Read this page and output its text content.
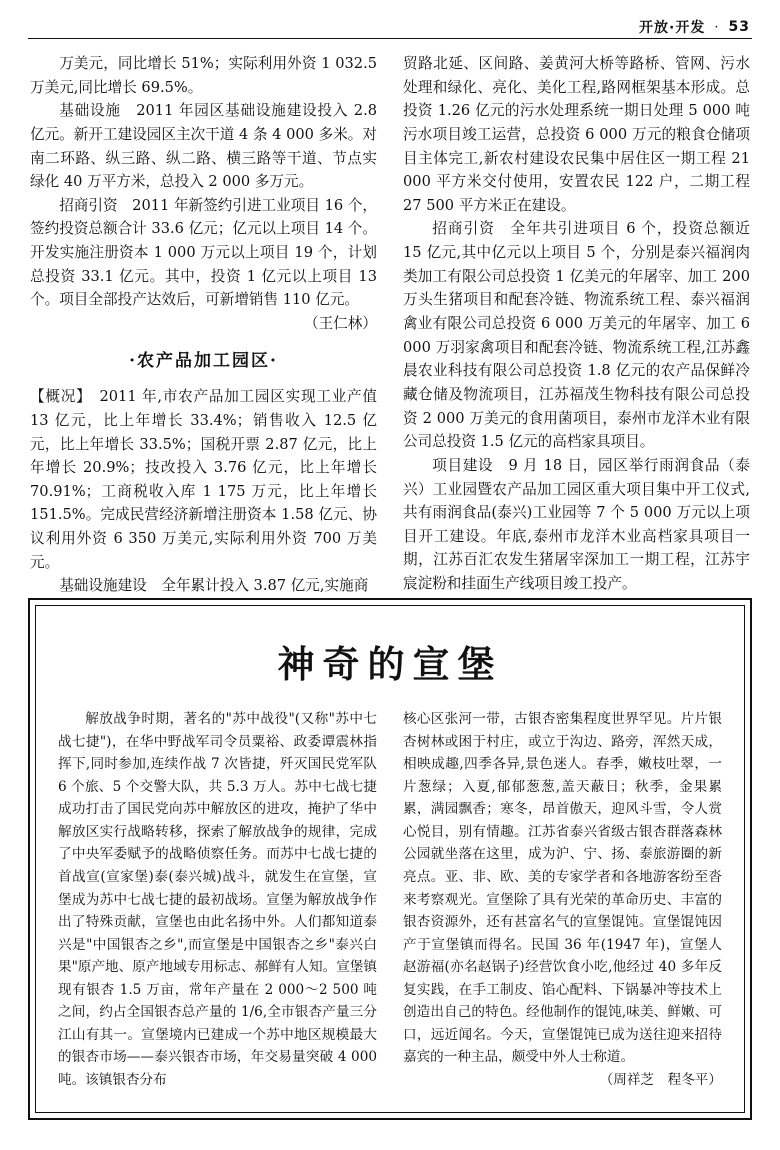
开放·开发 · 53

万美元，同比增长 51%；实际利用外资 1 032.5 万美元,同比增长 69.5%。

基础设施　2011 年园区基础设施建设投入 2.8 亿元。新开工建设园区主次干道 4 条 4 000 多米。对南二环路、纵三路、纵二路、横三路等干道、节点实绿化 40 万平方米，总投入 2 000 多万元。

招商引资　2011 年新签约引进工业项目 16 个，签约投资总额合计 33.6 亿元；亿元以上项目 14 个。开发实施注册资本 1 000 万元以上项目 19 个，计划总投资 33.1 亿元。其中，投资 1 亿元以上项目 13 个。项目全部投产达效后，可新增销售 110 亿元。

（王仁林）

·农产品加工园区·

【概况】　2011 年,市农产品加工园区实现工业产值 13 亿元，比上年增长 33.4%；销售收入 12.5 亿元，比上年增长 33.5%；国税开票 2.87 亿元，比上年增长 20.9%；技改投入 3.76 亿元，比上年增长 70.91%；工商税收入库 1 175 万元，比上年增长 151.5%。完成民营经济新增注册资本 1.58 亿元、协议利用外资 6 350 万美元,实际利用外资 700 万美元。

基础设施建设　全年累计投入 3.87 亿元,实施商

贸路北延、区间路、姜黄河大桥等路桥、管网、污水处理和绿化、亮化、美化工程,路网框架基本形成。总投资 1.26 亿元的污水处理系统一期日处理 5 000 吨污水项目竣工运营，总投资 6 000 万元的粮食仓储项目主体完工,新农村建设农民集中居住区一期工程 21 000 平方米交付使用，安置农民 122 户，二期工程 27 500 平方米正在建设。

招商引资　全年共引进项目 6 个，投资总额近 15 亿元,其中亿元以上项目 5 个，分别是泰兴福润肉类加工有限公司总投资 1 亿美元的年屠宰、加工 200 万头生猪项目和配套冷链、物流系统工程、泰兴福润禽业有限公司总投资 6 000 万美元的年屠宰、加工 6 000 万羽家禽项目和配套冷链、物流系统工程,江苏鑫晨农业科技有限公司总投资 1.8 亿元的农产品保鲜冷藏仓储及物流项目，江苏福茂生物科技有限公司总投资 2 000 万美元的食用菌项目，泰州市龙洋木业有限公司总投资 1.5 亿元的高档家具项目。

项目建设　9 月 18 日，园区举行雨润食品（泰兴）工业园暨农产品加工园区重大项目集中开工仪式,共有雨润食品(泰兴)工业园等 7 个 5 000 万元以上项目开工建设。年底,泰州市龙洋木业高档家具项目一期，江苏百汇农发生猪屠宰深加工一期工程，江苏宇宸淀粉和挂面生产线项目竣工投产。

神奇的宣堡

解放战争时期，著名的"苏中战役"(又称"苏中七战七捷")，在华中野战军司令员粟裕、政委谭震林指挥下,同时参加,连续作战 7 次皆捷，歼灭国民党军队 6 个旅、5 个交警大队，共 5.3 万人。苏中七战七捷成功打击了国民党向苏中解放区的进攻，掩护了华中解放区实行战略转移，探索了解放战争的规律，完成了中央军委赋予的战略侦察任务。而苏中七战七捷的首战宣(宣家堡)泰(泰兴城)战斗，就发生在宣堡，宣堡成为苏中七战七捷的最初战场。宣堡为解放战争作出了特殊贡献，宣堡也由此名扬中外。人们都知道泰兴是"中国银杏之乡",而宣堡是中国银杏之乡"泰兴白果"原产地、原产地域专用标志、郝鲜有人知。宣堡镇现有银杏 1.5 万亩，常年产量在 2 000～2 500 吨之间，约占全国银杏总产量的 1/6,全市银杏产量三分江山有其一。宣堡境内已建成一个苏中地区规模最大的银杏市场——泰兴银杏市场，年交易量突破 4 000 吨。该镇银杏分布

核心区张河一带，古银杏密集程度世界罕见。片片银杏树林或困于村庄，或立于沟边、路旁，浑然天成，相映成趣,四季各异,景色迷人。春季，嫩枝吐翠，一片葱绿；入夏,郁郁葱葱,盖天蔽日；秋季，金果累累，满园飘香；寒冬，昂首傲天，迎风斗雪，令人赏心悦目，别有情趣。江苏省泰兴省级古银杏群落森林公园就坐落在这里，成为沪、宁、扬、泰旅游圈的新亮点。亚、非、欧、美的专家学者和各地游客纷至沓来考察观光。宣堡除了具有光荣的革命历史、丰富的银杏资源外，还有甚富名气的宣堡馄饨。宣堡馄饨因产于宣堡镇而得名。民国 36 年(1947 年)，宣堡人赵游福(亦名赵锅子)经营饮食小吃,他经过 40 多年反复实践，在手工制皮、馅心配料、下锅暴冲等技术上创造出自己的特色。经他制作的馄饨,味美、鲜嫩、可口，远近闻名。今天，宣堡馄饨已成为送往迎来招待嘉宾的一种主品，颇受中外人士称道。

（周祥芝　程冬平）
